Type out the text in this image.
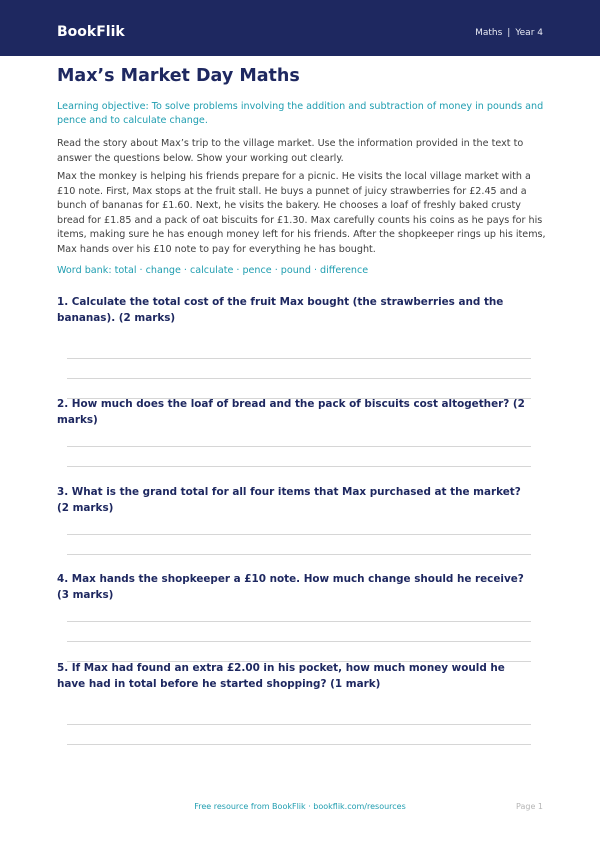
BookFlik	Maths | Year 4
Max’s Market Day Maths

Learning objective: To solve problems involving the addition and subtraction of money in pounds and pence and to calculate change.

Read the story about Max’s trip to the village market. Use the information provided in the text to answer the questions below. Show your working out clearly.

Max the monkey is helping his friends prepare for a picnic. He visits the local village market with a £10 note. First, Max stops at the fruit stall. He buys a punnet of juicy strawberries for £2.45 and a bunch of bananas for £1.60. Next, he visits the bakery. He chooses a loaf of freshly baked crusty bread for £1.85 and a pack of oat biscuits for £1.30. Max carefully counts his coins as he pays for his items, making sure he has enough money left for his friends. After the shopkeeper rings up his items, Max hands over his £10 note to pay for everything he has bought.

Word bank: total · change · calculate · pence · pound · difference

1. Calculate the total cost of the fruit Max bought (the strawberries and the bananas). (2 marks)

2. How much does the loaf of bread and the pack of biscuits cost altogether? (2 marks)

3. What is the grand total for all four items that Max purchased at the market? (2 marks)

4. Max hands the shopkeeper a £10 note. How much change should he receive? (3 marks)

5. If Max had found an extra £2.00 in his pocket, how much money would he have had in total before he started shopping? (1 mark)

Free resource from BookFlik · bookflik.com/resources	Page 1
